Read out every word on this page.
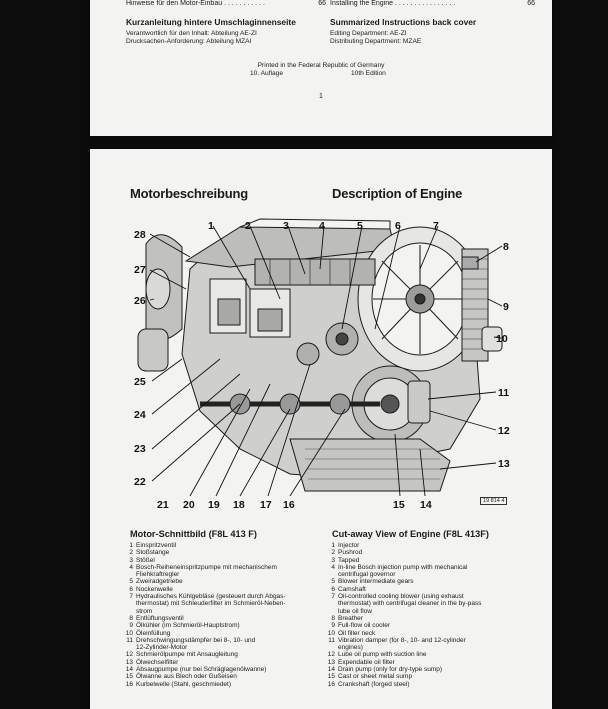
Hinweise für den Motor-Einbau . . . . . . . . . . .	66 Installing the Engine . . . . . . . . . . . . . . . .	66
Kurzanleitung hintere Umschlaginnenseite
Verantwortlich für den Inhalt: Abteilung AE-ZI
Drucksachen-Anforderung: Abteilung MZAI
Summarized Instructions back cover
Editing Department: AE-ZI
Distributing Department: MZAE
Printed in the Federal Republic of Germany
10. Auflage	10th Edition
1
Motorbeschreibung	Description of Engine
1	2	3	4	5	6	7
8
9
10
11
12
13
14
15
16
17
18
19
20
21
22
23
24
25
26
27
28
19 814 4
Motor-Schnittbild (F8L 413 F)	Cut-away View of Engine (F8L 413F)
1 Einspritzventil
2 Stoßstange
3 Stößel
4 Bosch-Reiheneinspritzpumpe mit mechanischem
Fliehkraftregler
5 Zweiradgetriebe
6 Nockenwelle
7 Hydraulisches Kühlgebläse (gesteuert durch Abgas-
thermostat) mit Schleuderfilter im Schmieröl-Neben-
strom
8 Entlüftungsventil
9 Ölkühler (im Schmieröl-Hauptstrom)
10 Öleinfüllung
11 Drehschwingungsdämpfer bei 8-, 10- und
12-Zylinder-Motor
12 Schmierölpumpe mit Ansaugleitung
13 Ölwechselfilter
14 Absaugpumpe (nur bei Schräglagenölwanne)
15 Ölwanne aus Blech oder Gußeisen
16 Kurbelwelle (Stahl, geschmiedet)
1 Injector
2 Pushrod
3 Tapped
4 In-line Bosch injection pump with mechanical
centrifugal governor
5 Blower intermediate gears
6 Camshaft
7 Oil-controlled cooling blower (using exhaust
thermostat) with centrifugal cleaner in the by-pass
lube oil flow
8 Breather
9 Full-flow oil cooler
10 Oil filler neck
11 Vibration damper (for 8-, 10- and 12-cylinder
engines)
12 Lube oil pump with suction line
13 Expendable oil filter
14 Drain pump (only for dry-type sump)
15 Cast or sheet metal sump
16 Crankshaft (forged steel)
